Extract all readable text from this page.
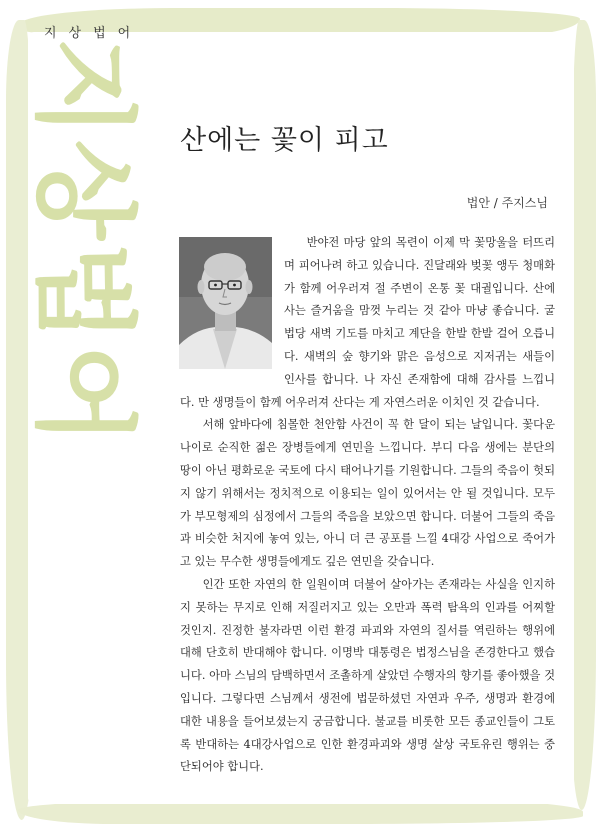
지상법어
지상법어	산에는 꽃이 피고
법안 / 주지스님

반야전 마당 앞의 목련이 이제 막 꽃망울을 터뜨리며 피어나려 하고 있습니다. 진달래와 벚꽃 앵두 청매화가 함께 어우러져 절 주변이 온통 꽃 대궐입니다. 산에 사는 즐거움을 맘껏 누리는 것 같아 마냥 좋습니다. 굴법당 새벽 기도를 마치고 계단을 한발 한발 걸어 오릅니다. 새벽의 숲 향기와 맑은 음성으로 지저귀는 새들이 인사를 합니다. 나 자신 존재함에 대해 감사를 느낍니다. 만 생명들이 함께 어우러져 산다는 게 자연스러운 이치인 것 같습니다.

서해 앞바다에 침몰한 천안함 사건이 꼭 한 달이 되는 날입니다. 꽃다운 나이로 순직한 젊은 장병들에게 연민을 느낍니다. 부디 다음 생에는 분단의 땅이 아닌 평화로운 국토에 다시 태어나기를 기원합니다. 그들의 죽음이 헛되지 않기 위해서는 정치적으로 이용되는 일이 있어서는 안 될 것입니다. 모두가 부모형제의 심정에서 그들의 죽음을 보았으면 합니다. 더불어 그들의 죽음과 비슷한 처지에 놓여 있는, 아니 더 큰 공포를 느낄 4대강 사업으로 죽어가고 있는 무수한 생명들에게도 깊은 연민을 갖습니다.

인간 또한 자연의 한 일원이며 더불어 살아가는 존재라는 사실을 인지하지 못하는 무지로 인해 저질러지고 있는 오만과 폭력 탐욕의 인과를 어찌할 것인지. 진정한 불자라면 이런 환경 파괴와 자연의 질서를 역린하는 행위에 대해 단호히 반대해야 합니다. 이명박 대통령은 법정스님을 존경한다고 했습니다. 아마 스님의 담백하면서 조촐하게 살았던 수행자의 향기를 좋아했을 것입니다. 그렇다면 스님께서 생전에 법문하셨던 자연과 우주, 생명과 환경에 대한 내용을 들어보셨는지 궁금합니다. 불교를 비롯한 모든 종교인들이 그토록 반대하는 4대강사업으로 인한 환경파괴와 생명 살상 국토유린 행위는 중단되어야 합니다.
